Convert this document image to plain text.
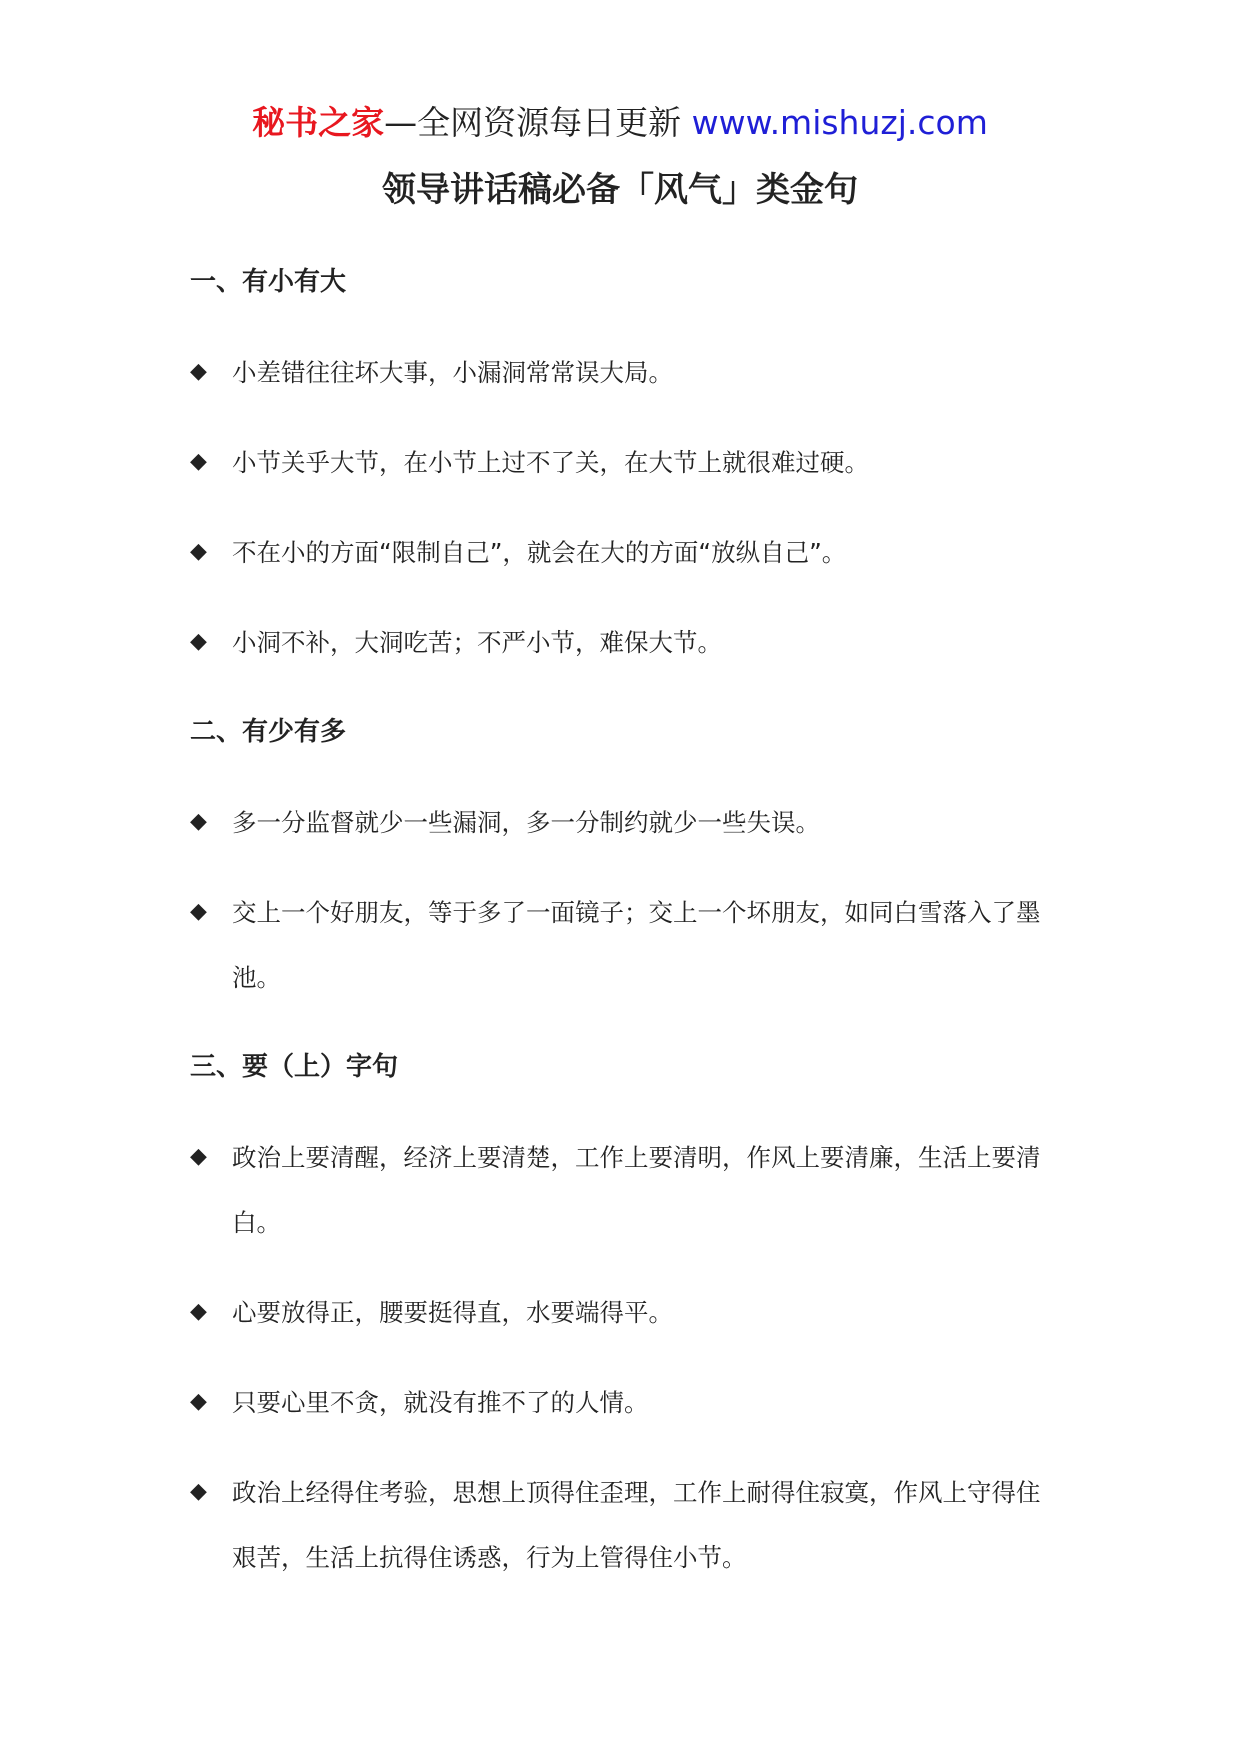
秘书之家—全网资源每日更新 www.mishuzj.com
领导讲话稿必备「风气」类金句
一、有小有大
◆ 小差错往往坏大事，小漏洞常常误大局。
◆ 小节关乎大节，在小节上过不了关，在大节上就很难过硬。
◆ 不在小的方面“限制自己”，就会在大的方面“放纵自己”。
◆ 小洞不补，大洞吃苦；不严小节，难保大节。
二、有少有多
◆ 多一分监督就少一些漏洞，多一分制约就少一些失误。
◆ 交上一个好朋友，等于多了一面镜子；交上一个坏朋友，如同白雪落入了墨池。
三、要（上）字句
◆ 政治上要清醒，经济上要清楚，工作上要清明，作风上要清廉，生活上要清白。
◆ 心要放得正，腰要挺得直，水要端得平。
◆ 只要心里不贪，就没有推不了的人情。
◆ 政治上经得住考验，思想上顶得住歪理，工作上耐得住寂寞，作风上守得住艰苦，生活上抗得住诱惑，行为上管得住小节。
